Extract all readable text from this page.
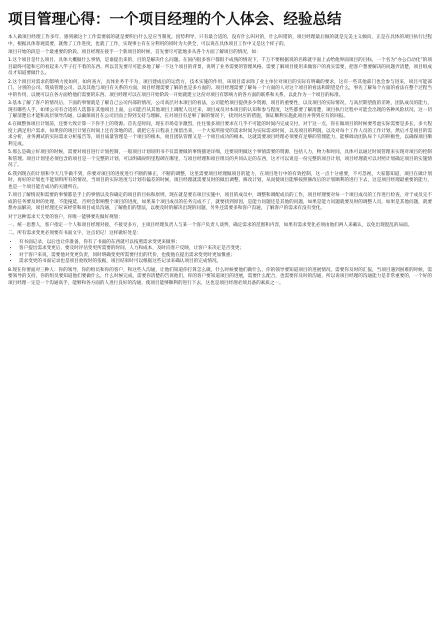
项目管理心得：一个项目经理的个人体会、经验总结

本人做项目经理工作多年，感到做这个工作需要弱的就是要明白什么是应当制度。因势利导，只有最合适的，没有什么叫对的，什么叫错的，项目经理最后做的就是完美主义倾向，正是在具体的项目执行过程中，根据具体客观需要，就像了工作进度，也就了工作，实现事主有在分利用的同时为大供全，可以说在具体项目工作中又是这个样子的。

项目开始的段是一个最重要的阶段。项目经理在接手一个新项目的时候，首先要尽可能地多从各个方面了解项目的情况，如：

1.这个项目是什么项目，具体大概做什么事情，是谁提出来的，目的是解决什么问题。在国内很多客户都很不成熟的情况下，千万不要根据说的名称就字面上去给他界面项目的目标，一个名为“办公自动化”的项目最终可能和它的看起来八竿子打不着的东西。所以首先要尽可能多地了解一下这个项目的背景，说明了业务需要的管理风格、需要了解项目使用来做客户的真实需要，把客户想要解决的问题弄清楚，项目组成员才知道要做什么。

2.这个项目对需求的影响力度如何，如何查方，具体业务手不为，项目建成后的运营方，技术实施的作用，该项目需求除了业主单位对项目的实际有明确的要求，这有一些其他部门也会参与进来，项目可能部门、分别的公司、资质管理公司，以及其他与项目有关系的方面，项目经理需要了解的也是多方面的。项目经理需要了解每一个方面的人对这个项目的看法和期望是什么，事先了解每个方面的看法在整个过程当中的作用，以便可以在各方面给他们需要的东西。项目经理可以在项目开始阶段一开始就建立这份对项目有影响力的各方面的联系和关系，以此作为一个项目的标准。

3.基本了解了客户的情况后，下面的事情就是了解自己公司内部的情况，公司高层对本项目的看法，公司能给项目提供多少资源，项目的重要性，以及项目的实际情况，与高层期望值的差距，团队成员的能力，现有哪些人手，如果公司有合适的人选都在其他项目上面，公司能否从其他项目上调配人员过来，项目成员对本项目的认知和参与程度，这些都要了解清楚，项目执行过程中可能会出现的各种风险状况，这一切了解清楚后才能和高层领导沟通，以确保项目在公司层面上得到支持与理解，在对项目有足够了解的情况下，找到对应的措施，保证顺利实施此项目并得到应有的回报。

4.在做整体项目计划前，还要大致计算一下你手上的资源。首先是时间，现在市场竞争激烈，往往很多项目要求在几乎不可能的时间内完成交付，对于这一点，你在做项目的时候要考虑实际需要是多长，多大程度上满足用户需求，如果你的项目计划在时间上还有余地的话，就把它在日程表上预留出来，一个大家所接受的需求时间为实际需求时间，以及项目的利润，以及对每个工作人员的工作计划，然后才是项目的需求分析，业务测试的实际需求分析报告等，项目质量管理是一个项目的根本，项目团队管理又是一个项目成功的根本，这就需要项目经理必须要有足够的管理能力，能够调动团队每个人的积极性，以确保项目顺利完成。

5.那么是确立好项目的时候，需要对项目进行计划控制，一般项目计划说明书不仅需要做的事情描述详细，还要说明做这个事情需要的资源，包括人力，物力和时间，具体可以通过时间管理来实现对项目的控制和管理。项目计划里必须包含的项目是一个完整的计划，可以明确说明里程碑在哪里，与项目经理和项目组员的共同认定的东西，这才可以说是一份完整的项目计划，项目经理就可以对照计划确定项目的实施情况了。

6.我到现在的计划和今天几乎做不到，你要对项目的进度进行不断的修正，不断的调整，这里需要项目经理做项目的能力，在项目进行中的有效控制，这一点十分重要，不可忽视，大家都知道，项目在做计划时，再好的计划也不能预料所有的情况，当项目的实际进度与计划有偏差的时候，项目经理就需要及时的做出调整，修改计划，从而使项目能够按照修改后的计划顺利的进行下去，这是项目经理最重要的能力，也是一个项目能否成功的关键所在。

7.项目了解情况和需要的事情都是手上的事情以及你确定的项目的目标和原则，现在就是要在项目实施中，项目的成员中，调整和调配成员的工作，项目经理要对每一个项目成员的工作进行检查，对于成员完不成的任务要及时的处理，不能拖延，否则会影响整个项目的进度，如果某个项目成员的任务完成不了，就要找到原因，是能力问题还是其他的问题，如果是能力问题就要及时的调整人员，如果是其他问题，就要想办法解决，项目经理还应该经常和项目成员沟通，了解他们的想法，以便及时的解决出现的问题，另外还需要多和客户沟通，了解客户的需求有没有变化。

对于这种需求天天变的客户，你唯一能够要先做好规划：

一、统一思想人，客户指定一个人和项目经理对接，不接受多方，主项目经理负责人与某一个客户负责人谈判，确定需求的范围和内容，如果有需求变化必须由他们两人来确认，以免出现混乱的局面。

二、所有需求变更必须要有书面文字，这点切记！这样做好处是：

• 有书面记录，以后也让你准备，你有了书面的东西就可以按照需求变更来做事；
• 客户提出需求变更后，要及时评估变更所需要的时间、人力和成本，及时向客户反映，让客户来决定是否变更；
• 对于客户来说，需要他对变更负责，同时明确变更所需要付出的代价，也使他在提出需求变更时更加慎重；
• 需求变更的书面记录也是项目验收时的依据，项目结束时可以根据这些记录来确认项目的完成情况。

8.现在你要面对三种人：你的领导，你的组员和你的客户，和这些人沟通，让他们知道你打算怎么做，什么时候要他们做什么，你的领导要知道项目的进展情况，需要你及时的汇报，当项目遇到困难的时候，需要领导的支持，你的组员要知道他们要做什么，什么时候完成，需要你清楚的告诉他们，你的客户要知道项目的进展，需要什么配合，也需要你及时的沟通，所以说项目经理的沟通能力是非常重要的，一个好的项目经理一定是一个沟通高手，能够和各方面的人进行良好的沟通，使项目能够顺利的进行下去，这也是项目经理必须具备的素质之一。
